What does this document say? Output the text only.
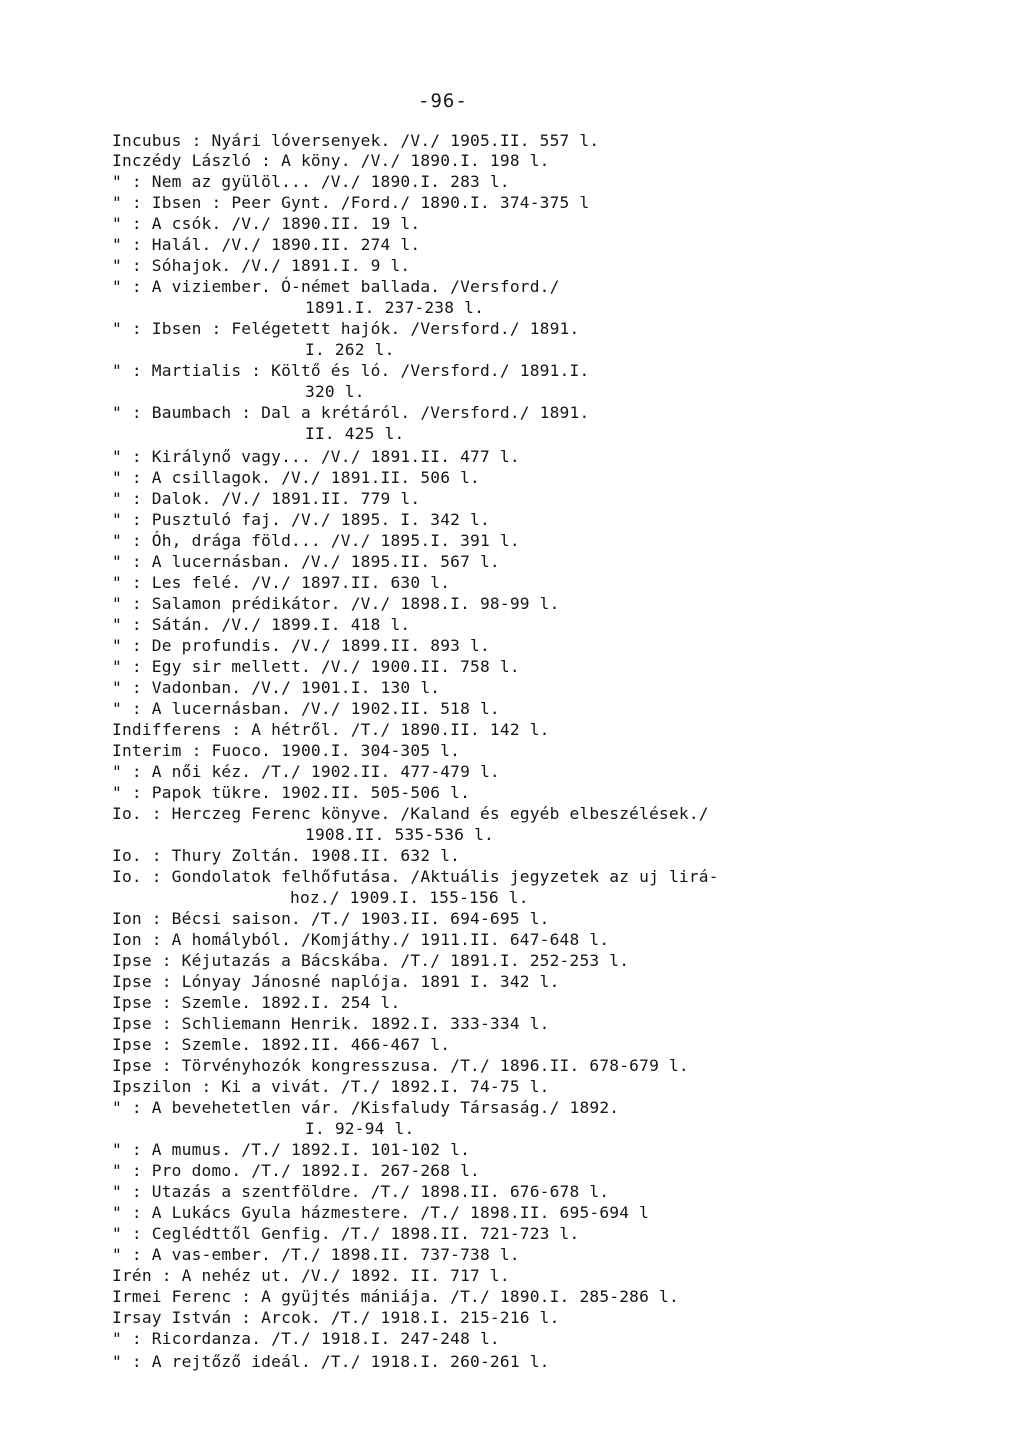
-96-
Incubus : Nyári lóversenyek. /V./ 1905.II. 557 l.
Inczédy László : A köny. /V./ 1890.I. 198 l.
" : Nem az gyülöl... /V./ 1890.I. 283 l.
" : Ibsen : Peer Gynt. /Ford./ 1890.I. 374-375 l
" : A csók. /V./ 1890.II. 19 l.
" : Halál. /V./ 1890.II. 274 l.
" : Sóhajok. /V./ 1891.I. 9 l.
" : A viziember. Ó-német ballada. /Versford./
1891.I. 237-238 l.
" : Ibsen : Felégetett hajók. /Versford./ 1891.
I. 262 l.
" : Martialis : Költő és ló. /Versford./ 1891.I.
320 l.
" : Baumbach : Dal a krétáról. /Versford./ 1891.
II. 425 l.
" : Királynő vagy... /V./ 1891.II. 477 l.
" : A csillagok. /V./ 1891.II. 506 l.
" : Dalok. /V./ 1891.II. 779 l.
" : Pusztuló faj. /V./ 1895. I. 342 l.
" : Óh, drága föld... /V./ 1895.I. 391 l.
" : A lucernásban. /V./ 1895.II. 567 l.
" : Les felé. /V./ 1897.II. 630 l.
" : Salamon prédikátor. /V./ 1898.I. 98-99 l.
" : Sátán. /V./ 1899.I. 418 l.
" : De profundis. /V./ 1899.II. 893 l.
" : Egy sir mellett. /V./ 1900.II. 758 l.
" : Vadonban. /V./ 1901.I. 130 l.
" : A lucernásban. /V./ 1902.II. 518 l.
Indifferens : A hétről. /T./ 1890.II. 142 l.
Interim : Fuoco. 1900.I. 304-305 l.
" : A női kéz. /T./ 1902.II. 477-479 l.
" : Papok tükre. 1902.II. 505-506 l.
Io. : Herczeg Ferenc könyve. /Kaland és egyéb elbeszélések./
1908.II. 535-536 l.
Io. : Thury Zoltán. 1908.II. 632 l.
Io. : Gondolatok felhőfutása. /Aktuális jegyzetek az uj lirá-
hoz./ 1909.I. 155-156 l.
Ion : Bécsi saison. /T./ 1903.II. 694-695 l.
Ion : A homályból. /Komjáthy./ 1911.II. 647-648 l.
Ipse : Kéjutazás a Bácskába. /T./ 1891.I. 252-253 l.
Ipse : Lónyay Jánosné naplója. 1891 I. 342 l.
Ipse : Szemle. 1892.I. 254 l.
Ipse : Schliemann Henrik. 1892.I. 333-334 l.
Ipse : Szemle. 1892.II. 466-467 l.
Ipse : Törvényhozók kongresszusa. /T./ 1896.II. 678-679 l.
Ipszilon : Ki a vivát. /T./ 1892.I. 74-75 l.
" : A bevehetetlen vár. /Kisfaludy Társaság./ 1892.
I. 92-94 l.
" : A mumus. /T./ 1892.I. 101-102 l.
" : Pro domo. /T./ 1892.I. 267-268 l.
" : Utazás a szentföldre. /T./ 1898.II. 676-678 l.
" : A Lukács Gyula házmestere. /T./ 1898.II. 695-694 l
" : Ceglédttől Genfig. /T./ 1898.II. 721-723 l.
" : A vas-ember. /T./ 1898.II. 737-738 l.
Irén : A nehéz ut. /V./ 1892. II. 717 l.
Irmei Ferenc : A gyüjtés mániája. /T./ 1890.I. 285-286 l.
Irsay István : Arcok. /T./ 1918.I. 215-216 l.
" : Ricordanza. /T./ 1918.I. 247-248 l.
" : A rejtőző ideál. /T./ 1918.I. 260-261 l.
